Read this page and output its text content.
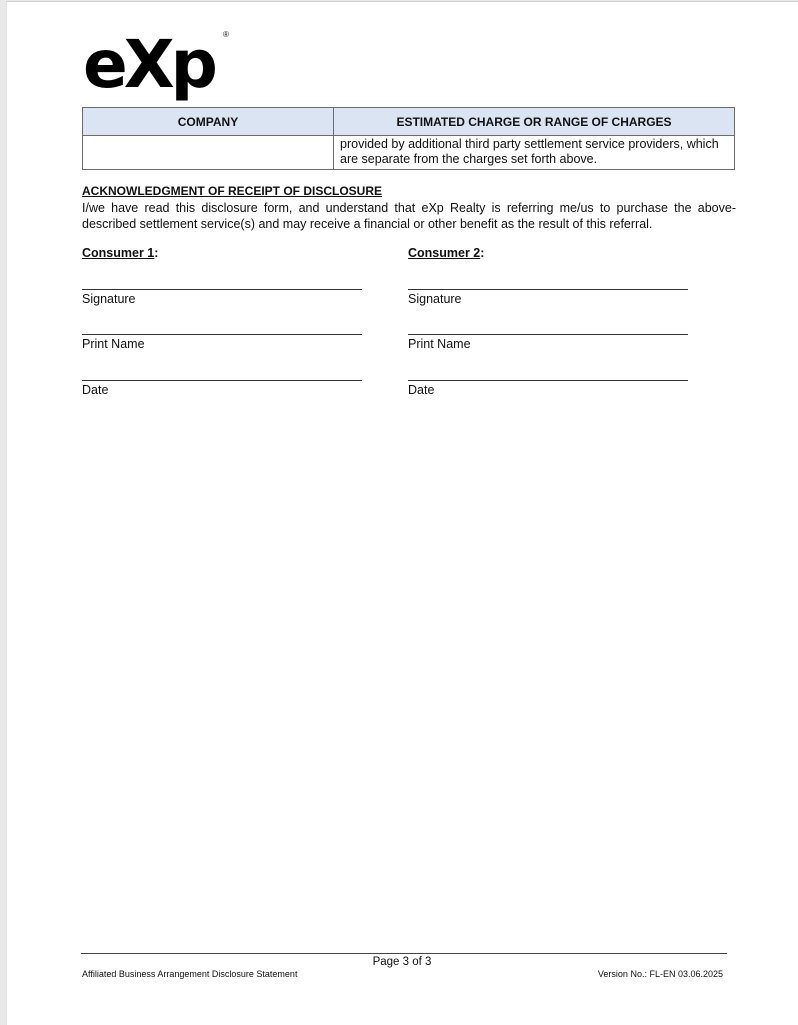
eXp ®
COMPANY	ESTIMATED CHARGE OR RANGE OF CHARGES
	provided by additional third party settlement service providers, which are separate from the charges set forth above.
ACKNOWLEDGMENT OF RECEIPT OF DISCLOSURE
I/we have read this disclosure form, and understand that eXp Realty is referring me/us to purchase the above-described settlement service(s) and may receive a financial or other benefit as the result of this referral.
Consumer 1:
Signature
Print Name
Date
Consumer 2:
Signature
Print Name
Date
Page 3 of 3
Affiliated Business Arrangement Disclosure Statement	Version No.: FL-EN 03.06.2025
